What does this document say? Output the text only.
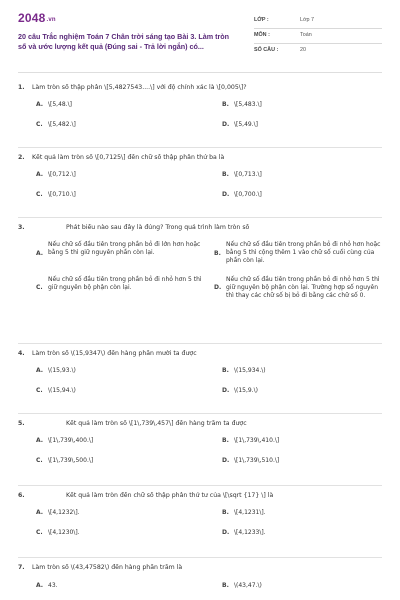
2048.vn
20 câu Trắc nghiệm Toán 7 Chân trời sáng tạo Bài 3. Làm tròn số và ước lượng kết quả (Đúng sai - Trả lời ngắn) có...
LỚP :	Lớp 7
MÔN :	Toán
SỐ CÂU :	20
1.	Làm tròn số thập phân \[5,4827543....\] với độ chính xác là \[0,005\]?
A. \[5,48.\]	B. \[5,483.\]
C. \[5,482.\]	D. \[5,49.\]
2.	Kết quả làm tròn số \[0,7125\] đến chữ số thập phân thứ ba là
A. \[0,712.\]	B. \[0,713.\]
C. \[0,710.\]	D. \[0,700.\]
3.	Phát biểu nào sau đây là đúng? Trong quá trình làm tròn số
A.
Nếu chữ số đầu tiên trong phần bỏ đi lớn hơn hoặc bằng 5 thì giữ nguyên phần còn lại.	B.
Nếu chữ số đầu tiên trong phần bỏ đi nhỏ hơn hoặc bằng 5 thì cộng thêm 1 vào chữ số cuối cùng của phần còn lại.
C.
Nếu chữ số đầu tiên trong phần bỏ đi nhỏ hơn 5 thì giữ nguyên bộ phận còn lại.	D.
Nếu chữ số đầu tiên trong phần bỏ đi nhỏ hơn 5 thì giữ nguyên bộ phận còn lại. Trường hợp số nguyên thì thay các chữ số bị bỏ đi bằng các chữ số 0.
4.	Làm tròn số \(15,9347\) đến hàng phần mười ta được
A. \(15,93.\)	B. \(15,934.\)
C. \(15,94.\)	D. \(15,9.\)
5.	Kết quả làm tròn số \[1\,739\,457\] đến hàng trăm ta được
A. \[1\,739\,400.\]	B. \[1\,739\,410.\]
C. \[1\,739\,500.\]	D. \[1\,739\,510.\]
6.	Kết quả làm tròn đến chữ số thập phân thứ tư của \[\sqrt {17} \] là
A. \[4,1232\].	B. \[4,1231\].
C. \[4,1230\].	D. \[4,1233\].
7.	Làm tròn số \(43,47582\) đến hàng phần trăm là
A. 43.	B. \(43,47.\)
